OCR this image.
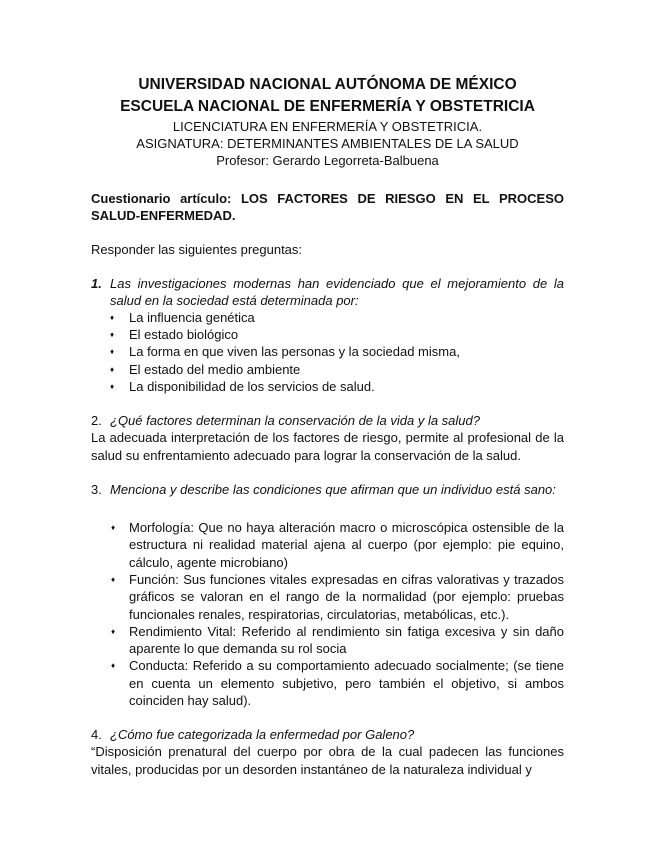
UNIVERSIDAD NACIONAL AUTÓNOMA DE MÉXICO
ESCUELA NACIONAL DE ENFERMERÍA Y OBSTETRICIA
LICENCIATURA EN ENFERMERÍA Y OBSTETRICIA.
ASIGNATURA: DETERMINANTES AMBIENTALES DE LA SALUD
Profesor: Gerardo Legorreta-Balbuena

Cuestionario artículo: LOS FACTORES DE RIESGO EN EL PROCESO SALUD-ENFERMEDAD.

Responder las siguientes preguntas:

1. Las investigaciones modernas han evidenciado que el mejoramiento de la salud en la sociedad está determinada por:
♦ La influencia genética
♦ El estado biológico
♦ La forma en que viven las personas y la sociedad misma,
♦ El estado del medio ambiente
♦ La disponibilidad de los servicios de salud.
2. ¿Qué factores determinan la conservación de la vida y la salud?

La adecuada interpretación de los factores de riesgo, permite al profesional de la salud su enfrentamiento adecuado para lograr la conservación de la salud.

3. Menciona y describe las condiciones que afirman que un individuo está sano:
♦ Morfología: Que no haya alteración macro o microscópica ostensible de la estructura ni realidad material ajena al cuerpo (por ejemplo: pie equino, cálculo, agente microbiano)
♦ Función: Sus funciones vitales expresadas en cifras valorativas y trazados gráficos se valoran en el rango de la normalidad (por ejemplo: pruebas funcionales renales, respiratorias, circulatorias, metabólicas, etc.).
♦ Rendimiento Vital: Referido al rendimiento sin fatiga excesiva y sin daño aparente lo que demanda su rol socia
♦ Conducta: Referido a su comportamiento adecuado socialmente; (se tiene en cuenta un elemento subjetivo, pero también el objetivo, si ambos coinciden hay salud).
4. ¿Cómo fue categorizada la enfermedad por Galeno?

“Disposición prenatural del cuerpo por obra de la cual padecen las funciones vitales, producidas por un desorden instantáneo de la naturaleza individual y
